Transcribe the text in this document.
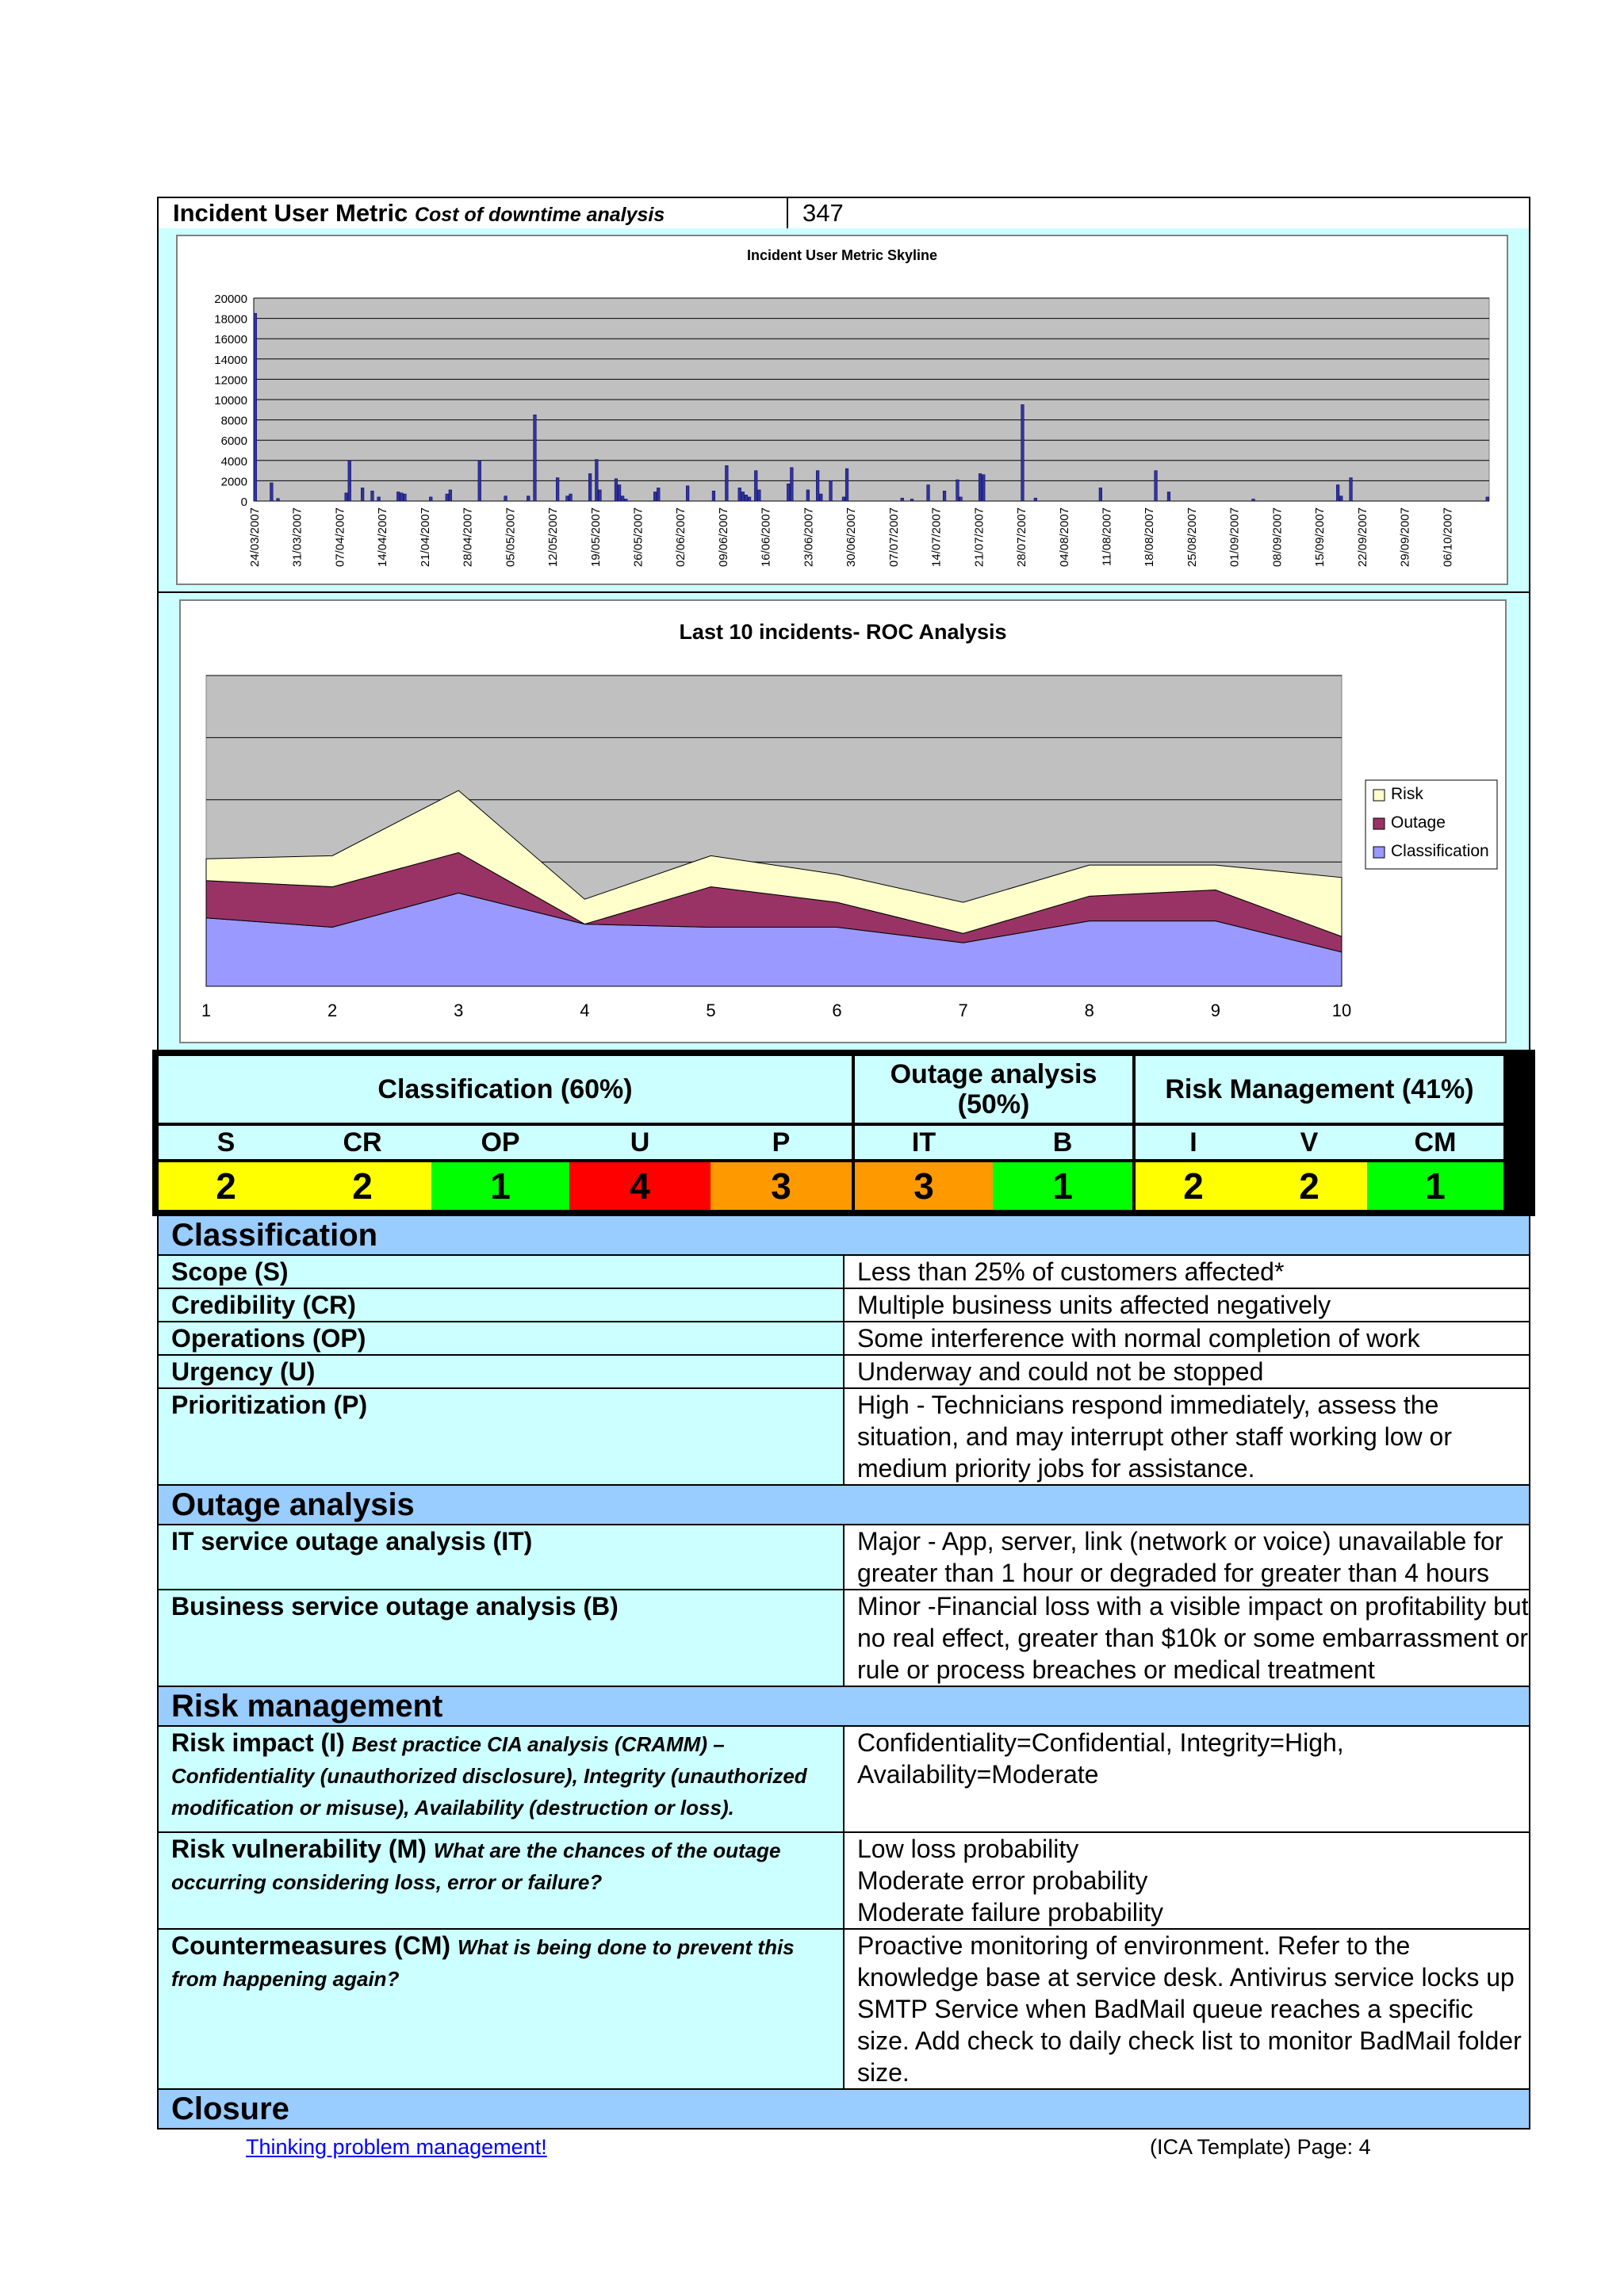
Incident User Metric Cost of downtime analysis	347
Incident User Metric Skyline
0
2000
4000
6000
8000
10000
12000
14000
16000
18000
20000
24/03/2007 31/03/2007 07/04/2007 14/04/2007 21/04/2007 28/04/2007 05/05/2007 12/05/2007 19/05/2007 26/05/2007 02/06/2007 09/06/2007 16/06/2007 23/06/2007 30/06/2007 07/07/2007 14/07/2007 21/07/2007 28/07/2007 04/08/2007 11/08/2007 18/08/2007 25/08/2007 01/09/2007 08/09/2007 15/09/2007 22/09/2007 29/09/2007 06/10/2007
Last 10 incidents- ROC Analysis
1	2	3	4	5	6	7	8	9	10
Risk
Outage
Classification
Classification (60%)	Outage analysis (50%)	Risk Management (41%)
S	CR	OP	U	P	IT	B	I	V	CM
2	2	1	4	3	3	1	2	2	1
Classification	
Scope (S)	Less than 25% of customers affected*
Credibility (CR)	Multiple business units affected negatively
Operations (OP)	Some interference with normal completion of work
Urgency (U)	Underway and could not be stopped
Prioritization (P)	High - Technicians respond immediately, assess the situation, and may interrupt other staff working low or medium priority jobs for assistance.
Outage analysis	
IT service outage analysis (IT)	Major - App, server, link (network or voice) unavailable for greater than 1 hour or degraded for greater than 4 hours
Business service outage analysis (B)	Minor -Financial loss with a visible impact on profitability but no real effect, greater than $10k or some embarrassment or rule or process breaches or medical treatment
Risk management	
Risk impact (I) Best practice CIA analysis (CRAMM) – Confidentiality (unauthorized disclosure), Integrity (unauthorized modification or misuse), Availability (destruction or loss).	Confidentiality=Confidential, Integrity=High, Availability=Moderate
Risk vulnerability (M) What are the chances of the outage occurring considering loss, error or failure?	Low loss probability
Moderate error probability
Moderate failure probability

Countermeasures (CM) What is being done to prevent this from happening again?	Proactive monitoring of environment. Refer to the knowledge base at service desk. Antivirus service locks up SMTP Service when BadMail queue reaches a specific size. Add check to daily check list to monitor BadMail folder size.
Closure	
Thinking problem management!	(ICA Template) Page: 4
